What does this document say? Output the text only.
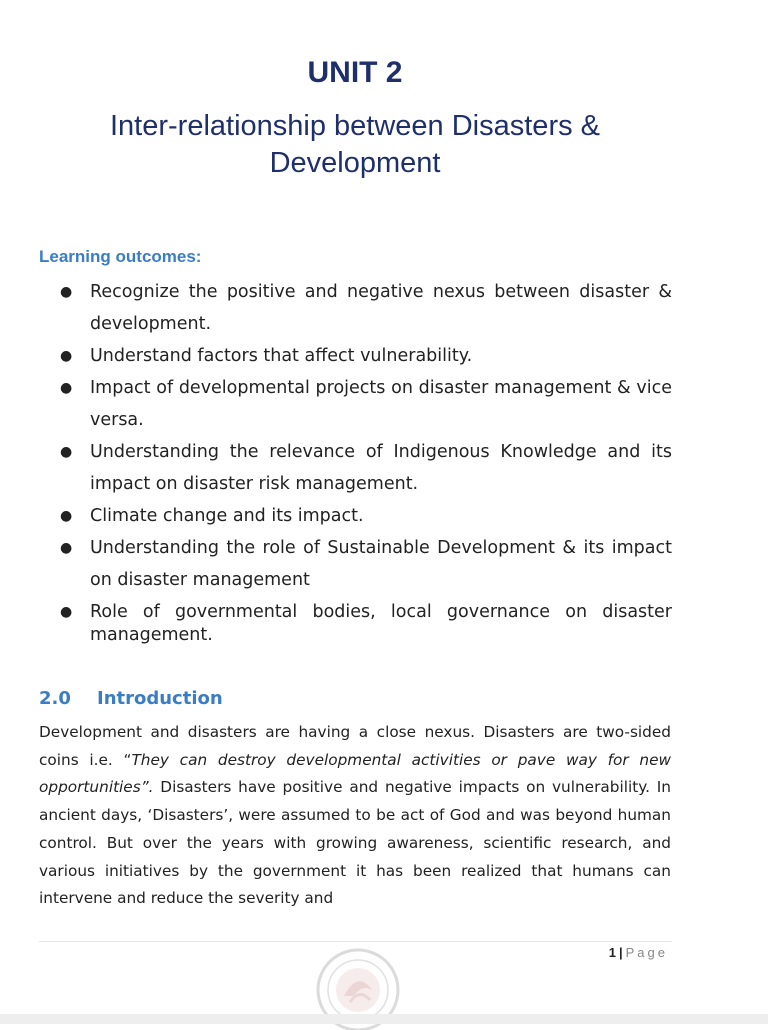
UNIT 2
Inter-relationship between Disasters &
Development
Learning outcomes:
● Recognize the positive and negative nexus between disaster & development.
● Understand factors that affect vulnerability.
● Impact of developmental projects on disaster management & vice versa.
● Understanding the relevance of Indigenous Knowledge and its impact on disaster risk management.
● Climate change and its impact.
● Understanding the role of Sustainable Development & its impact on disaster management
● Role of governmental bodies, local governance on disaster management.
2.0 Introduction

Development and disasters are having a close nexus. Disasters are two-sided coins i.e. “They can destroy developmental activities or pave way for new opportunities”. Disasters have positive and negative impacts on vulnerability. In ancient days, ‘Disasters’, were assumed to be act of God and was beyond human control. But over the years with growing awareness, scientific research, and various initiatives by the government it has been realized that humans can intervene and reduce the severity and

1 | Page
